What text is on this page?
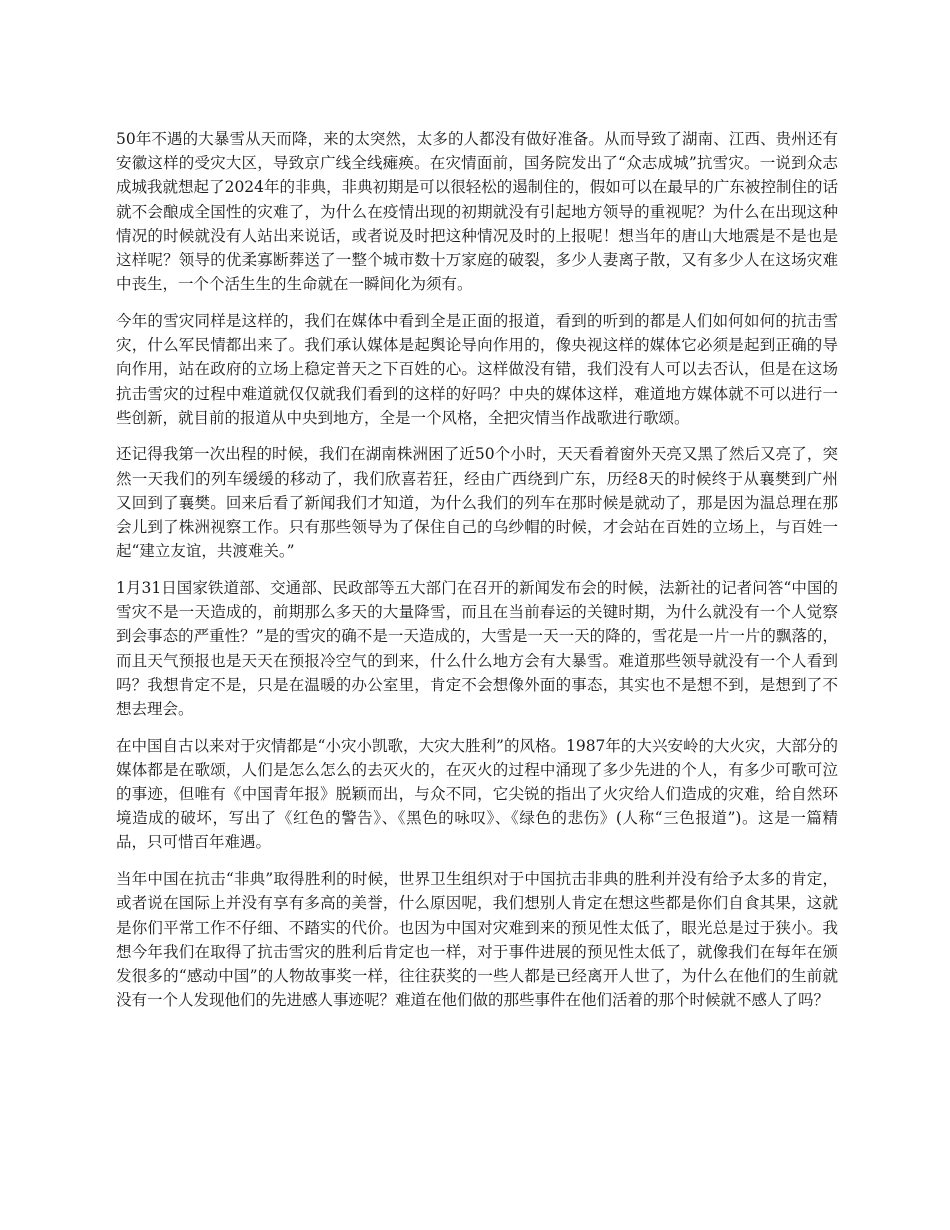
50年不遇的大暴雪从天而降，来的太突然，太多的人都没有做好准备。从而导致了湖南、江西、贵州还有安徽这样的受灾大区，导致京广线全线瘫痪。在灾情面前，国务院发出了“众志成城”抗雪灾。一说到众志成城我就想起了2024年的非典，非典初期是可以很轻松的遏制住的，假如可以在最早的广东被控制住的话就不会酿成全国性的灾难了，为什么在疫情出现的初期就没有引起地方领导的重视呢？为什么在出现这种情况的时候就没有人站出来说话，或者说及时把这种情况及时的上报呢！想当年的唐山大地震是不是也是这样呢？领导的优柔寡断葬送了一整个城市数十万家庭的破裂，多少人妻离子散，又有多少人在这场灾难中丧生，一个个活生生的生命就在一瞬间化为须有。

今年的雪灾同样是这样的，我们在媒体中看到全是正面的报道，看到的听到的都是人们如何如何的抗击雪灾，什么军民情都出来了。我们承认媒体是起舆论导向作用的，像央视这样的媒体它必须是起到正确的导向作用，站在政府的立场上稳定普天之下百姓的心。这样做没有错，我们没有人可以去否认，但是在这场抗击雪灾的过程中难道就仅仅就我们看到的这样的好吗？中央的媒体这样，难道地方媒体就不可以进行一些创新，就目前的报道从中央到地方，全是一个风格，全把灾情当作战歌进行歌颂。

还记得我第一次出程的时候，我们在湖南株洲困了近50个小时，天天看着窗外天亮又黑了然后又亮了，突然一天我们的列车缓缓的移动了，我们欣喜若狂，经由广西绕到广东，历经8天的时候终于从襄樊到广州又回到了襄樊。回来后看了新闻我们才知道，为什么我们的列车在那时候是就动了，那是因为温总理在那会儿到了株洲视察工作。只有那些领导为了保住自己的乌纱帽的时候，才会站在百姓的立场上，与百姓一起“建立友谊，共渡难关。”

1月31日国家铁道部、交通部、民政部等五大部门在召开的新闻发布会的时候，法新社的记者问答“中国的雪灾不是一天造成的，前期那么多天的大量降雪，而且在当前春运的关键时期，为什么就没有一个人觉察到会事态的严重性？”是的雪灾的确不是一天造成的，大雪是一天一天的降的，雪花是一片一片的飘落的，而且天气预报也是天天在预报冷空气的到来，什么什么地方会有大暴雪。难道那些领导就没有一个人看到吗？我想肯定不是，只是在温暖的办公室里，肯定不会想像外面的事态，其实也不是想不到，是想到了不想去理会。

在中国自古以来对于灾情都是“小灾小凯歌，大灾大胜利”的风格。1987年的大兴安岭的大火灾，大部分的媒体都是在歌颂，人们是怎么怎么的去灭火的，在灭火的过程中涌现了多少先进的个人，有多少可歌可泣的事迹，但唯有《中国青年报》脱颖而出，与众不同，它尖锐的指出了火灾给人们造成的灾难，给自然环境造成的破坏，写出了《红色的警告》、《黑色的咏叹》、《绿色的悲伤》(人称“三色报道”)。这是一篇精品，只可惜百年难遇。

当年中国在抗击“非典”取得胜利的时候，世界卫生组织对于中国抗击非典的胜利并没有给予太多的肯定，或者说在国际上并没有享有多高的美誉，什么原因呢，我们想别人肯定在想这些都是你们自食其果，这就是你们平常工作不仔细、不踏实的代价。也因为中国对灾难到来的预见性太低了，眼光总是过于狭小。我想今年我们在取得了抗击雪灾的胜利后肯定也一样，对于事件进展的预见性太低了，就像我们在每年在颁发很多的“感动中国”的人物故事奖一样，往往获奖的一些人都是已经离开人世了，为什么在他们的生前就没有一个人发现他们的先进感人事迹呢？难道在他们做的那些事件在他们活着的那个时候就不感人了吗？
